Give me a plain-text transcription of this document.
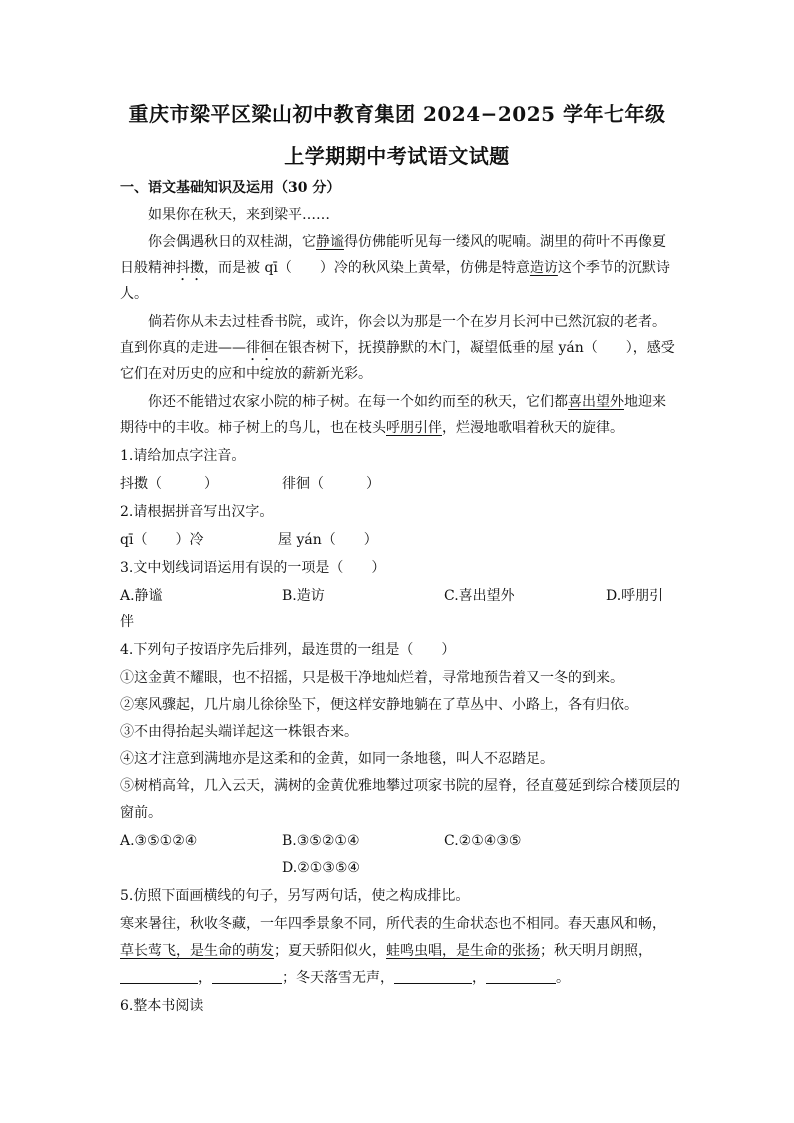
重庆市梁平区梁山初中教育集团 2024−2025 学年七年级
上学期期中考试语文试题
一、语文基础知识及运用（30 分）
如果你在秋天，来到梁平……
你会偶遇秋日的双桂湖，它静谧得仿佛能听见每一缕风的呢喃。湖里的荷叶不再像夏
日般精神抖擞，而是被 qī（　　）冷的秋风染上黄晕，仿佛是特意造访这个季节的沉默诗
人。
倘若你从未去过桂香书院，或许，你会以为那是一个在岁月长河中已然沉寂的老者。
直到你真的走进——徘徊在银杏树下，抚摸静默的木门，凝望低垂的屋 yán（　　），感受
它们在对历史的应和中绽放的薪新光彩。
你还不能错过农家小院的柿子树。在每一个如约而至的秋天，它们都喜出望外地迎来
期待中的丰收。柿子树上的鸟儿，也在枝头呼朋引伴，烂漫地歌唱着秋天的旋律。
1.请给加点字注音。
抖擞（　　　）	徘徊（　　　）
2.请根据拼音写出汉字。
qī（　　）冷	屋 yán（　　）
3.文中划线词语运用有误的一项是（　　）
A.静谧	B.造访	C.喜出望外	D.呼朋引
伴
4.下列句子按语序先后排列，最连贯的一组是（　　）
①这金黄不耀眼，也不招摇，只是极干净地灿烂着，寻常地预告着又一冬的到来。
②寒风骤起，几片扇儿徐徐坠下，便这样安静地躺在了草丛中、小路上，各有归依。
③不由得抬起头端详起这一株银杏来。
④这才注意到满地亦是这柔和的金黄，如同一条地毯，叫人不忍踏足。
⑤树梢高耸，几入云天，满树的金黄优雅地攀过项家书院的屋脊，径直蔓延到综合楼顶层的
窗前。
A.③⑤①②④	B.③⑤②①④	C.②①④③⑤
D.②①③⑤④
5.仿照下面画横线的句子，另写两句话，使之构成排比。
寒来暑往，秋收冬藏，一年四季景象不同，所代表的生命状态也不相同。春天惠风和畅，
草长莺飞，是生命的萌发；夏天骄阳似火，蛙鸣虫唱，是生命的张扬；秋天明月朗照，
，	；冬天落雪无声，	，	。
6.整本书阅读
